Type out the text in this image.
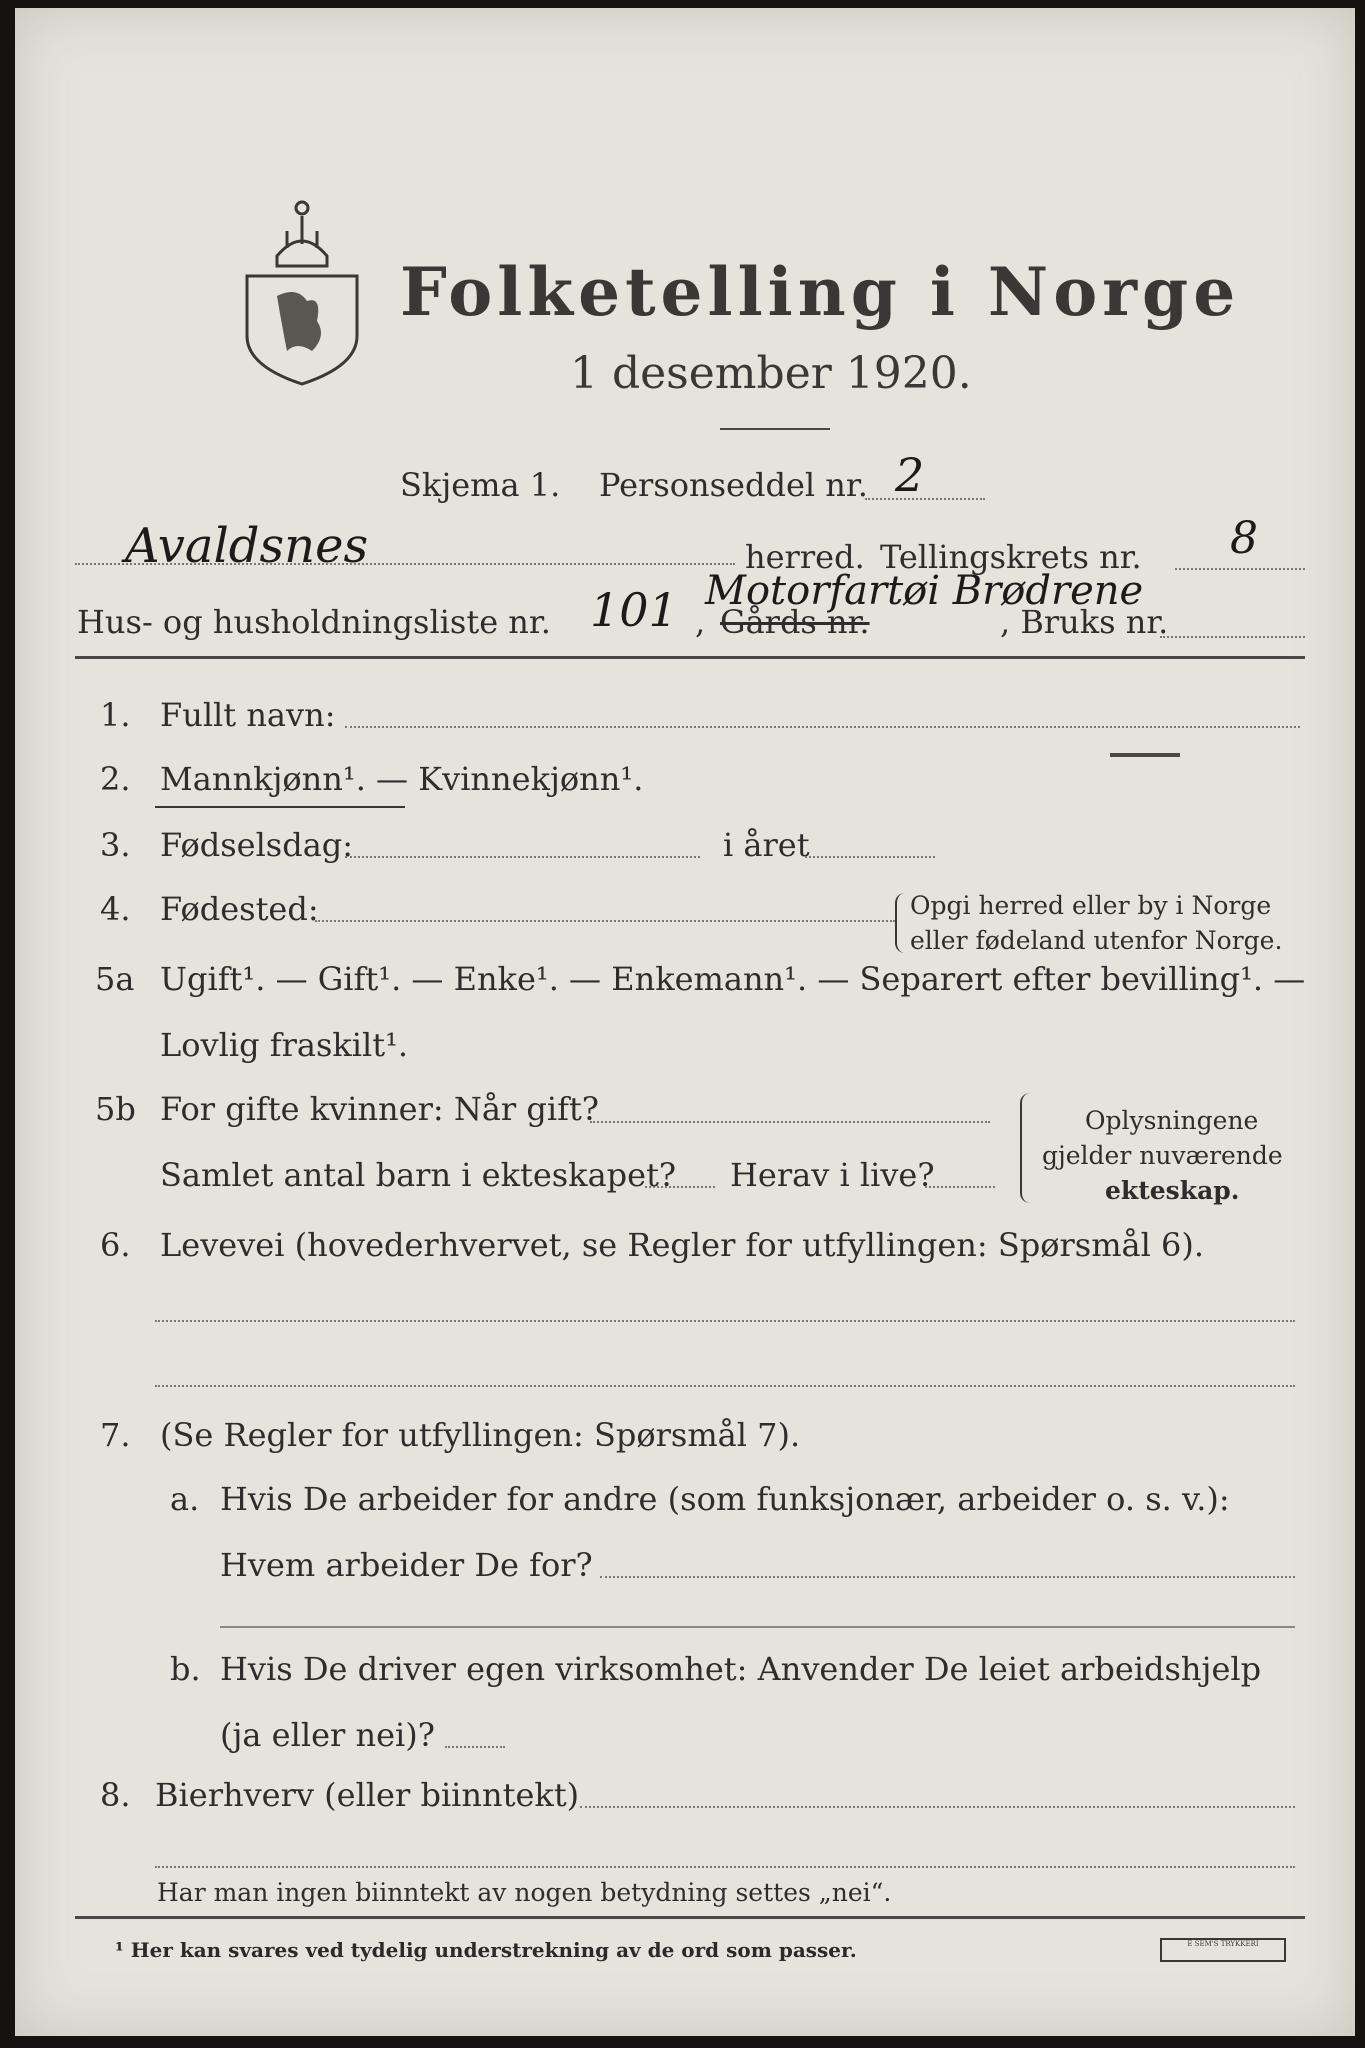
Folketelling i Norge
1 desember 1920.
Skjema 1. Personseddel nr. 2
Avaldsnes	herred. Tellingskrets nr. 8
Hus- og husholdningsliste nr. 101 , Gårds nr.
Motorfartøi Brødrene
, Bruks nr.
1. Fullt navn:
2. Mannkjønn¹. — Kvinnekjønn¹.
3. Fødselsdag:	i året
4. Fødested:	Opgi herred eller by i Norge
eller fødeland utenfor Norge.
5a Ugift¹. — Gift¹. — Enke¹. — Enkemann¹. — Separert efter bevilling¹. —
Lovlig fraskilt¹.
5b For gifte kvinner: Når gift?
Samlet antal barn i ekteskapet? Herav i live?
Oplysningene
gjelder nuværende
ekteskap.
6. Levevei (hovederhvervet, se Regler for utfyllingen: Spørsmål 6).
7. (Se Regler for utfyllingen: Spørsmål 7).
a. Hvis De arbeider for andre (som funksjonær, arbeider o. s. v.):
Hvem arbeider De for?
b. Hvis De driver egen virksomhet: Anvender De leiet arbeidshjelp
(ja eller nei)?
8. Bierhverv (eller biinntekt)
Har man ingen biinntekt av nogen betydning settes „nei“.
¹ Her kan svares ved tydelig understrekning av de ord som passer.	E SEM'S TRYKKERI
